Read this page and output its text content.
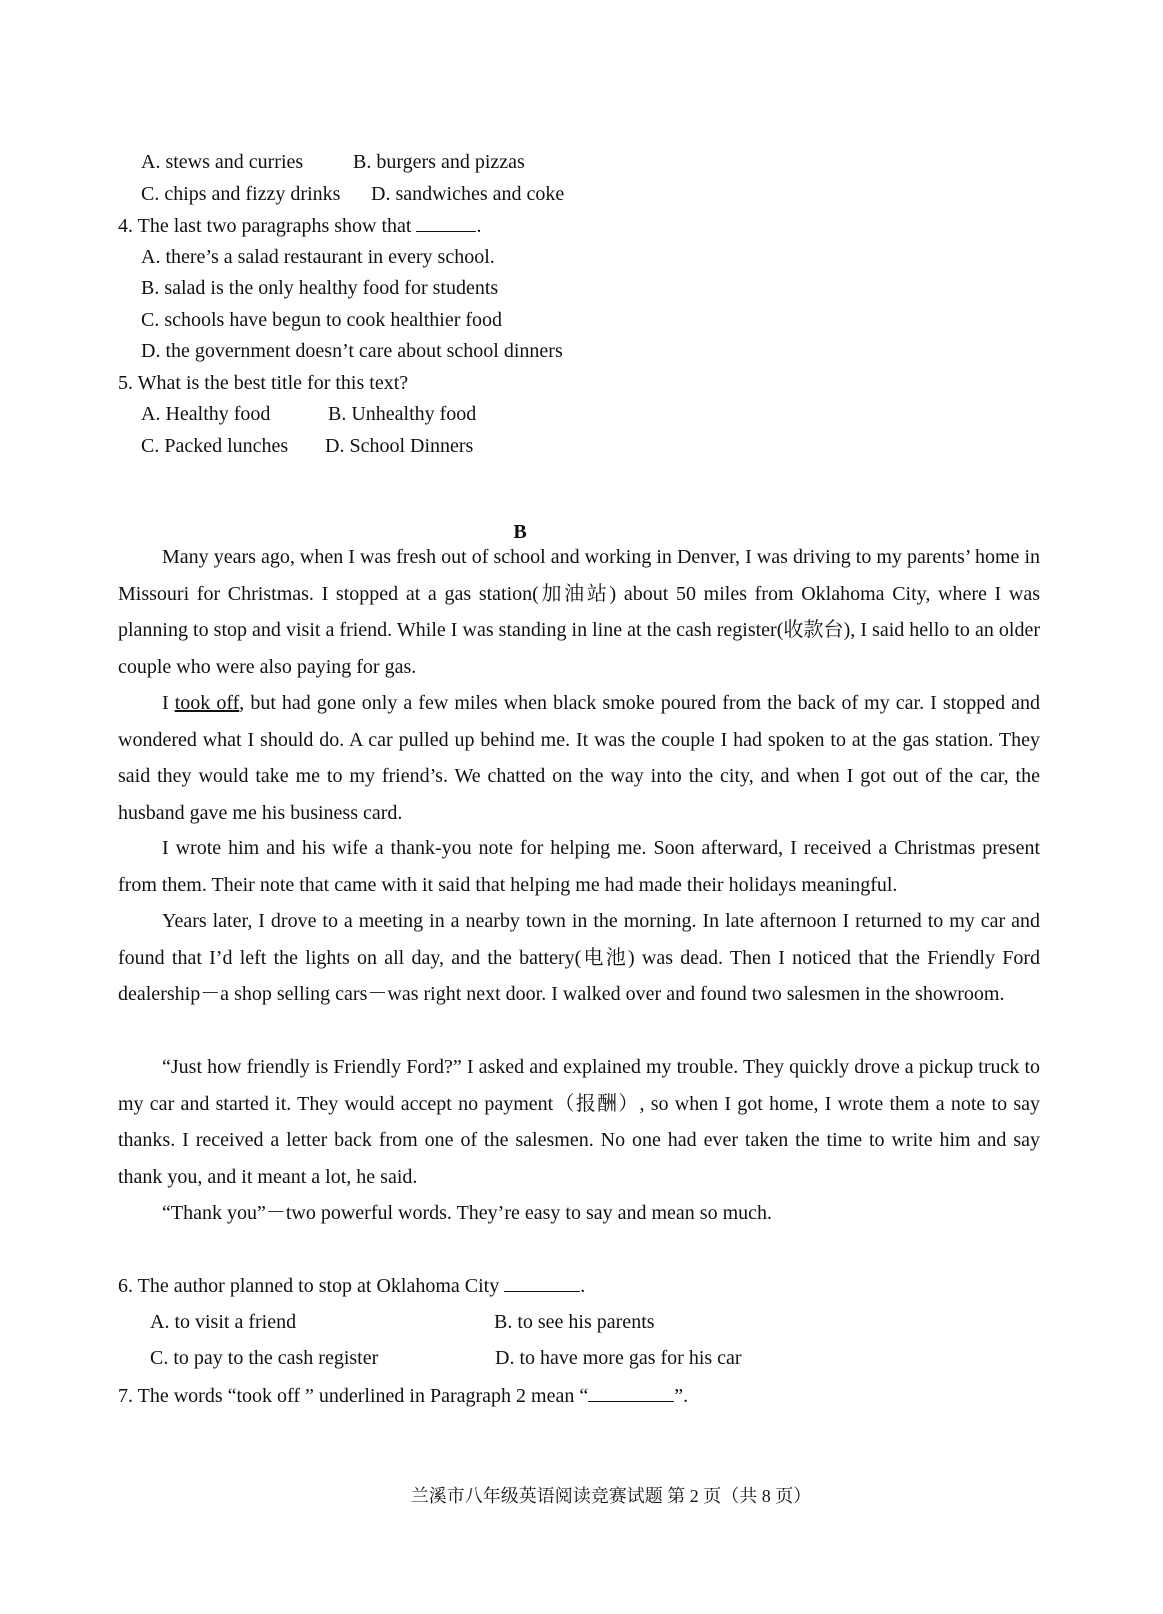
A. stews and curries B. burgers and pizzas
C. chips and fizzy drinks D. sandwiches and coke
4. The last two paragraphs show that	.
A. there’s a salad restaurant in every school.
B. salad is the only healthy food for students
C. schools have begun to cook healthier food
D. the government doesn’t care about school dinners
5. What is the best title for this text?
A. Healthy food	B. Unhealthy food
C. Packed lunches D. School Dinners
B

Many years ago, when I was fresh out of school and working in Denver, I was driving to my parents’ home in Missouri for Christmas. I stopped at a gas station(加油站) about 50 miles from Oklahoma City, where I was planning to stop and visit a friend. While I was standing in line at the cash register(收款台), I said hello to an older couple who were also paying for gas.

I took off, but had gone only a few miles when black smoke poured from the back of my car. I stopped and wondered what I should do. A car pulled up behind me. It was the couple I had spoken to at the gas station. They said they would take me to my friend’s. We chatted on the way into the city, and when I got out of the car, the husband gave me his business card.

I wrote him and his wife a thank-you note for helping me. Soon afterward, I received a Christmas present from them. Their note that came with it said that helping me had made their holidays meaningful.

Years later, I drove to a meeting in a nearby town in the morning. In late afternoon I returned to my car and found that I’d left the lights on all day, and the battery(电池) was dead. Then I noticed that the Friendly Ford dealership－a shop selling cars－was right next door. I walked over and found two salesmen in the showroom.

“Just how friendly is Friendly Ford?” I asked and explained my trouble. They quickly drove a pickup truck to my car and started it. They would accept no payment（报酬）, so when I got home, I wrote them a note to say thanks. I received a letter back from one of the salesmen. No one had ever taken the time to write him and say thank you, and it meant a lot, he said.

“Thank you”－two powerful words. They’re easy to say and mean so much.

6. The author planned to stop at Oklahoma City	.
A. to visit a friend	B. to see his parents
C. to pay to the cash register	D. to have more gas for his car
7. The words “took off ” underlined in Paragraph 2 mean “	”.
兰溪市八年级英语阅读竞赛试题 第 2 页（共 8 页）
